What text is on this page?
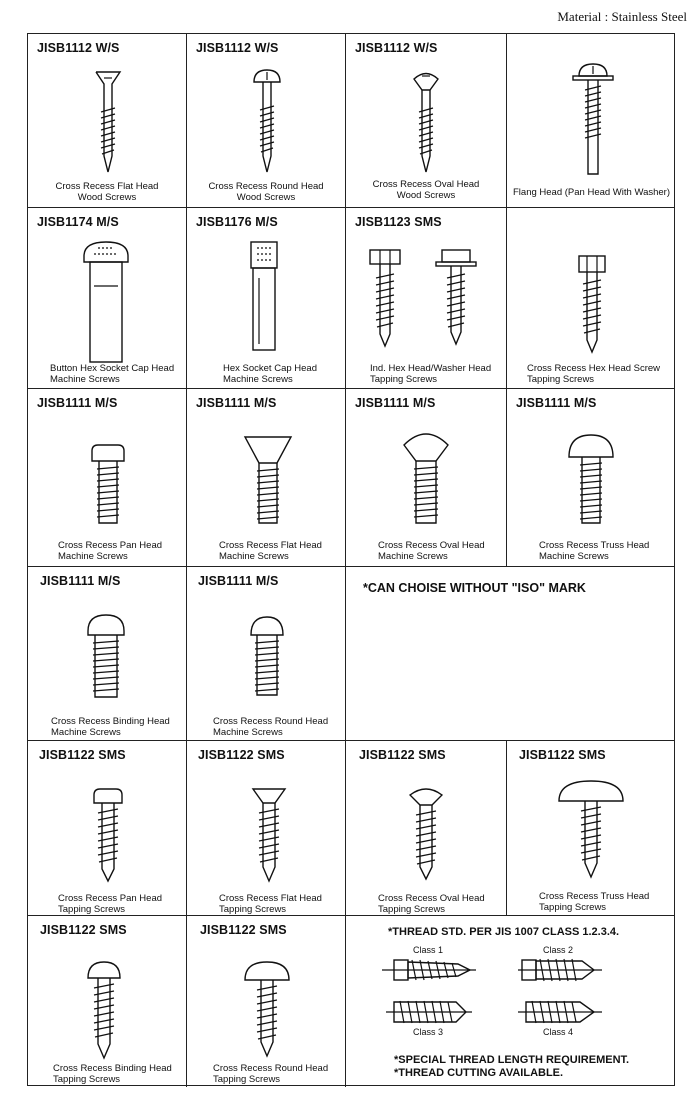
Material : Stainless Steel
JISB1112 W/S
Cross Recess Flat Head
Wood Screws
JISB1112 W/S
Cross Recess Round Head
Wood Screws
JISB1112 W/S
Cross Recess Oval Head
Wood Screws	Flang Head (Pan Head With Washer)
JISB1174 M/S
Button Hex Socket Cap Head
Machine Screws
JISB1176 M/S
Hex Socket Cap Head
Machine Screws
JISB1123 SMS
Ind. Hex Head/Washer Head
Tapping Screws
Cross Recess Hex Head Screw
Tapping Screws
JISB1111 M/S
Cross Recess Pan Head
Machine Screws
JISB1111 M/S
Cross Recess Flat Head
Machine Screws
JISB1111 M/S
Cross Recess Oval Head
Machine Screws
JISB1111 M/S
Cross Recess Truss Head
Machine Screws
JISB1111 M/S
Cross Recess Binding Head
Machine Screws
JISB1111 M/S
Cross Recess Round Head
Machine Screws
*CAN CHOISE WITHOUT "ISO" MARK
JISB1122 SMS
Cross Recess Pan Head
Tapping Screws
JISB1122 SMS
Cross Recess Flat Head
Tapping Screws
JISB1122 SMS
Cross Recess Oval Head
Tapping Screws
JISB1122 SMS
Cross Recess Truss Head
Tapping Screws
JISB1122 SMS
Cross Recess Binding Head
Tapping Screws
JISB1122 SMS
Cross Recess Round Head
Tapping Screws
*THREAD STD. PER JIS 1007 CLASS 1.2.3.4.
Class 1	Class 2
Class 3	Class 4
*SPECIAL THREAD LENGTH REQUIREMENT.
*THREAD CUTTING AVAILABLE.
